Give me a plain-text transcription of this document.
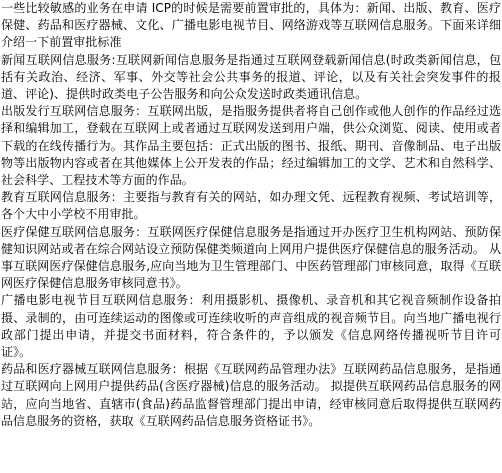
一些比较敏感的业务在申请 ICP的时候是需要前置审批的，具体为：新闻、出版、教育、医疗保健、药品和医疗器械、文化、广播电影电视节目、网络游戏等互联网信息服务。下面来详细介绍一下前置审批标准

新闻互联网信息服务:互联网新闻信息服务是指通过互联网登载新闻信息(时政类新闻信息，包括有关政治、经济、军事、外交等社会公共事务的报道、评论，以及有关社会突发事件的报道、评论)、提供时政类电子公告服务和向公众发送时政类通讯信息。

出版发行互联网信息服务：互联网出版，是指服务提供者将自己创作或他人创作的作品经过选择和编辑加工，登载在互联网上或者通过互联网发送到用户端，供公众浏览、阅读、使用或者下载的在线传播行为。其作品主要包括：正式出版的图书、报纸、期刊、音像制品、电子出版物等出版物内容或者在其他媒体上公开发表的作品；经过编辑加工的文学、艺术和自然科学、社会科学、工程技术等方面的作品。

教育互联网信息服务：主要指与教育有关的网站，如办理文凭、远程教育视频、考试培训等，各个大中小学校不用审批。

医疗保健互联网信息服务：互联网医疗保健信息服务是指通过开办医疗卫生机构网站、预防保健知识网站或者在综合网站设立预防保健类频道向上网用户提供医疗保健信息的服务活动。 从事互联网医疗保健信息服务,应向当地为卫生管理部门、中医药管理部门审核同意，取得《互联网医疗保健信息服务审核同意书》。

广播电影电视节目互联网信息服务：利用摄影机、摄像机、录音机和其它视音频制作设备拍摄、录制的，由可连续运动的图像或可连续收听的声音组成的视音频节目。向当地广播电视行政部门提出申请，并提交书面材料，符合条件的，予以颁发《信息网络传播视听节目许可证》。

药品和医疗器械互联网信息服务：根据《互联网药品管理办法》互联网药品信息服务，是指通过互联网向上网用户提供药品(含医疗器械)信息的服务活动。 拟提供互联网药品信息服务的网站，应向当地省、直辖市(食品)药品监督管理部门提出申请，经审核同意后取得提供互联网药品信息服务的资格，获取《互联网药品信息服务资格证书》。
